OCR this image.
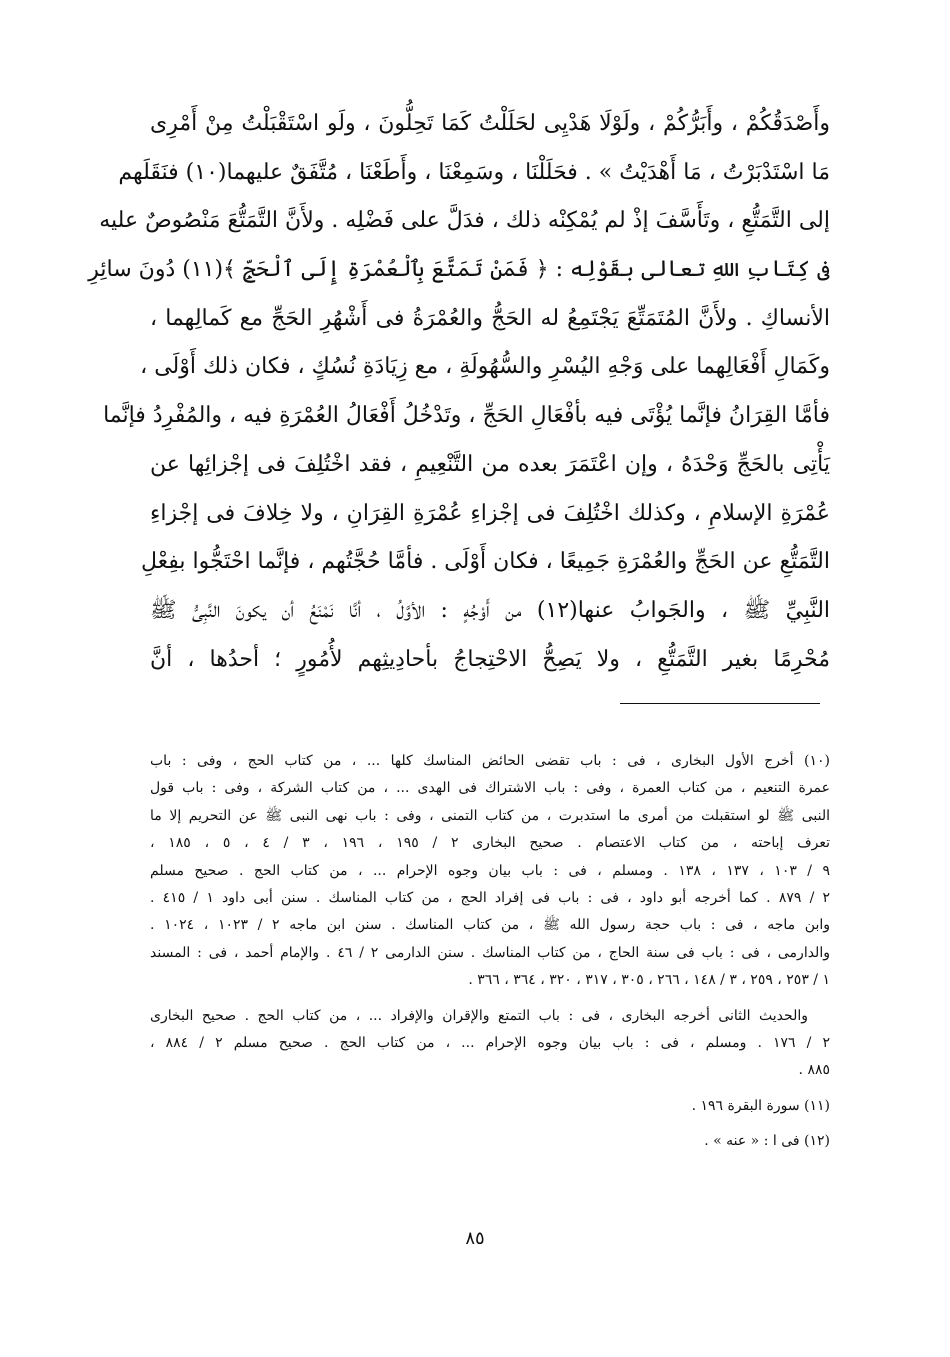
وأَصْدَقُكُمْ ، وأَبَرُّكُمْ ، ولَوْلَا هَدْيِى لحَلَلْتُ كَمَا تَحِلُّونَ ، ولَو اسْتَقْبَلْتُ مِنْ أَمْرِى
مَا اسْتَدْبَرْتُ ، مَا أَهْدَيْتُ » . فحَلَلْنَا ، وسَمِعْنَا ، وأَطَعْنَا ، مُتَّفَقٌ عليهما(١٠) فنَقَلَهم
إلى التَّمَتُّعِ ، وتَأَسَّفَ إذْ لم يُمْكِنْه ذلك ، فدَلَّ على فَضْلِه . ولأَنَّ التَّمَتُّعَ مَنْصُوصٌ عليه
فى كِتَابِ اللهِ تعالى بقَوْلِه : ﴿ فَمَنْ تَمَتَّعَ بِٱلْعُمْرَةِ إِلَى ٱلْحَجِّ ﴾(١١) دُونَ سائِرِ
الأنساكِ . ولأَنَّ المُتَمَتِّعَ يَجْتَمِعُ له الحَجُّ والعُمْرَةُ فى أَشْهُرِ الحَجِّ مع كَمالِهما ،
وكَمَالِ أَفْعَالِهما على وَجْهِ اليُسْرِ والسُّهُولَةِ ، مع زِيَادَةِ نُسُكٍ ، فكان ذلك أَوْلَى ،
فأمَّا القِرَانُ فإنَّما يُؤْتَى فيه بأفْعَالِ الحَجِّ ، وتَدْخُلُ أَفْعَالُ العُمْرَةِ فيه ، والمُفْرِدُ فإنَّما
يَأْتِى بالحَجِّ وَحْدَهُ ، وإن اعْتَمَرَ بعده من التَّنْعِيمِ ، فقد اخْتُلِفَ فى إجْزائِها عن
عُمْرَةِ الإسلامِ ، وكذلك اخْتُلِفَ فى إجْزاءِ عُمْرَةِ القِرَانِ ، ولا خِلافَ فى إجْزاءِ
التَّمَتُّعِ عن الحَجِّ والعُمْرَةِ جَمِيعًا ، فكان أَوْلَى . فأمَّا حُجَّتُهم ، فإنَّما احْتَجُّوا بفِعْلِ
النَّبِيِّ ﷺ ، والجَوابُ عنها(١٢) من أَوْجُهٍ : الأوَّلُ ، أنَّا نَمْنَعُ أن يكونَ النَّبِىُّ ﷺ
مُحْرِمًا بغير التَّمَتُّعِ ، ولا يَصِحُّ الاحْتِجاجُ بأحادِيثِهم لأُمُورٍ ؛ أحدُها ، أنَّ
(١٠) أخرج الأول البخارى ، فى : باب تقضى الحائض المناسك كلها ... ، من كتاب الحج ، وفى : باب
عمرة التنعيم ، من كتاب العمرة ، وفى : باب الاشتراك فى الهدى ... ، من كتاب الشركة ، وفى : باب قول
النبى ﷺ لو استقبلت من أمرى ما استدبرت ، من كتاب التمنى ، وفى : باب نهى النبى ﷺ عن التحريم إلا ما
تعرف إباحته ، من كتاب الاعتصام . صحيح البخارى ٢ / ١٩٥ ، ١٩٦ ، ٣ / ٤ ، ٥ ، ١٨٥ ،
٩ / ١٠٣ ، ١٣٧ ، ١٣٨ . ومسلم ، فى : باب بيان وجوه الإحرام ... ، من كتاب الحج . صحيح مسلم
٢ / ٨٧٩ . كما أخرجه أبو داود ، فى : باب فى إفراد الحج ، من كتاب المناسك . سنن أبى داود ١ / ٤١٥ .
وابن ماجه ، فى : باب حجة رسول الله ﷺ ، من كتاب المناسك . سنن ابن ماجه ٢ / ١٠٢٣ ، ١٠٢٤ .
والدارمى ، فى : باب فى سنة الحاج ، من كتاب المناسك . سنن الدارمى ٢ / ٤٦ . والإمام أحمد ، فى : المسند
١ / ٢٥٣ ، ٢٥٩ ، ٣ / ١٤٨ ، ٢٦٦ ، ٣٠٥ ، ٣١٧ ، ٣٢٠ ، ٣٦٤ ، ٣٦٦ .
والحديث الثانى أخرجه البخارى ، فى : باب التمتع والإقران والإفراد ... ، من كتاب الحج . صحيح البخارى
٢ / ١٧٦ . ومسلم ، فى : باب بيان وجوه الإحرام ... ، من كتاب الحج . صحيح مسلم ٢ / ٨٨٤ ،
٨٨٥ .
(١١) سورة البقرة ١٩٦ .
(١٢) فى ا : « عنه » .
٨٥
